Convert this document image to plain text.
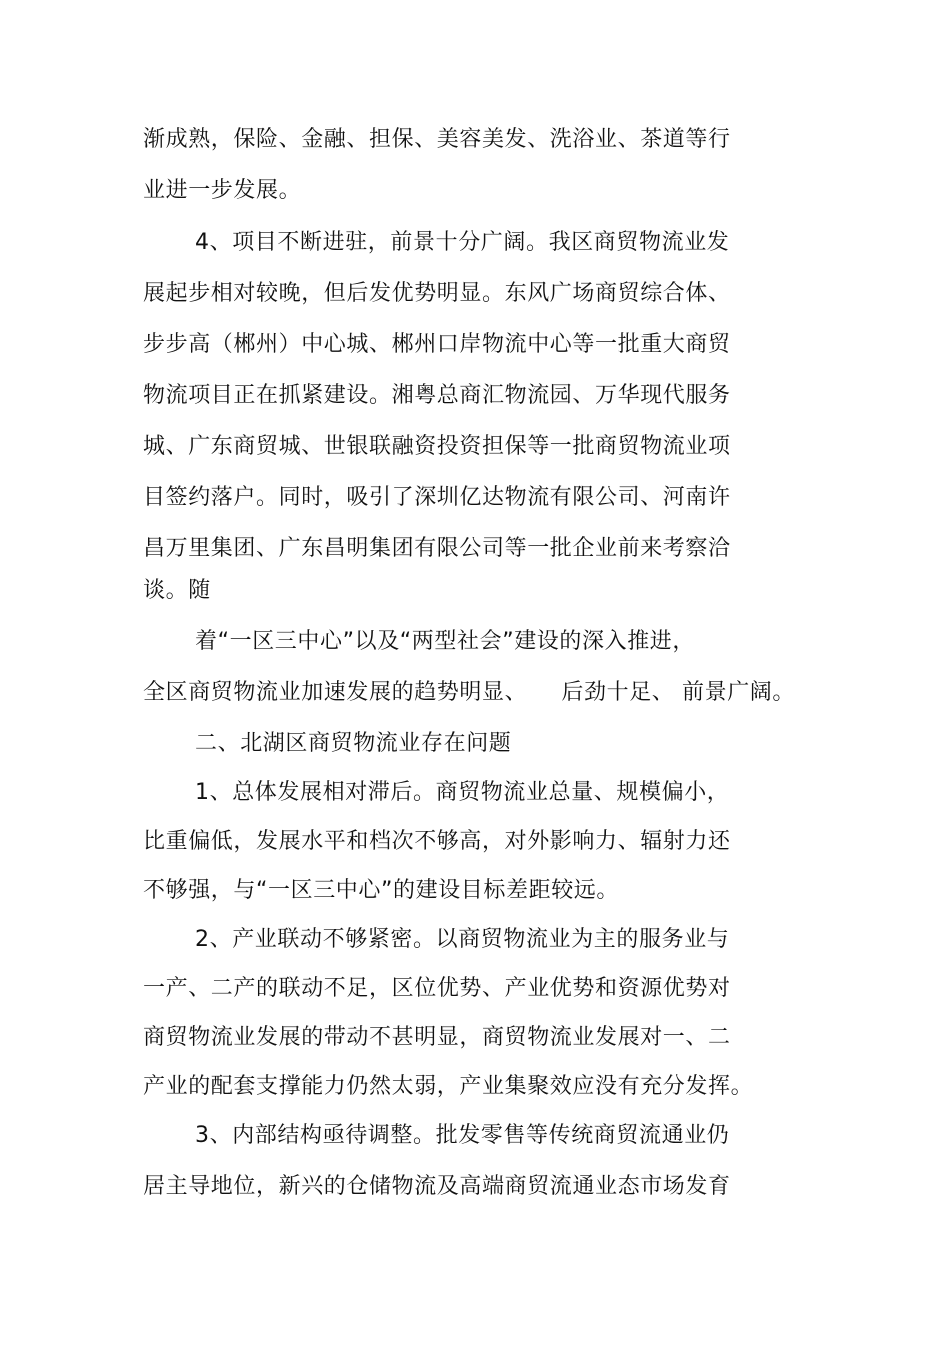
渐成熟，保险、金融、担保、美容美发、洗浴业、茶道等行
业进一步发展。
4、项目不断进驻，前景十分广阔。我区商贸物流业发
展起步相对较晚，但后发优势明显。东风广场商贸综合体、
步步高（郴州）中心城、郴州口岸物流中心等一批重大商贸
物流项目正在抓紧建设。湘粤总商汇物流园、万华现代服务
城、广东商贸城、世银联融资投资担保等一批商贸物流业项
目签约落户。同时，吸引了深圳亿达物流有限公司、河南许
昌万里集团、广东昌明集团有限公司等一批企业前来考察洽
谈。随
着“一区三中心”以及“两型社会”建设的深入推进，
全区商贸物流业加速发展的趋势明显、　　后劲十足、 前景广阔。
二、北湖区商贸物流业存在问题
1、总体发展相对滞后。商贸物流业总量、规模偏小，
比重偏低，发展水平和档次不够高，对外影响力、辐射力还
不够强，与“一区三中心”的建设目标差距较远。
2、产业联动不够紧密。以商贸物流业为主的服务业与
一产、二产的联动不足，区位优势、产业优势和资源优势对
商贸物流业发展的带动不甚明显，商贸物流业发展对一、二
产业的配套支撑能力仍然太弱，产业集聚效应没有充分发挥。
3、内部结构亟待调整。批发零售等传统商贸流通业仍
居主导地位，新兴的仓储物流及高端商贸流通业态市场发育
